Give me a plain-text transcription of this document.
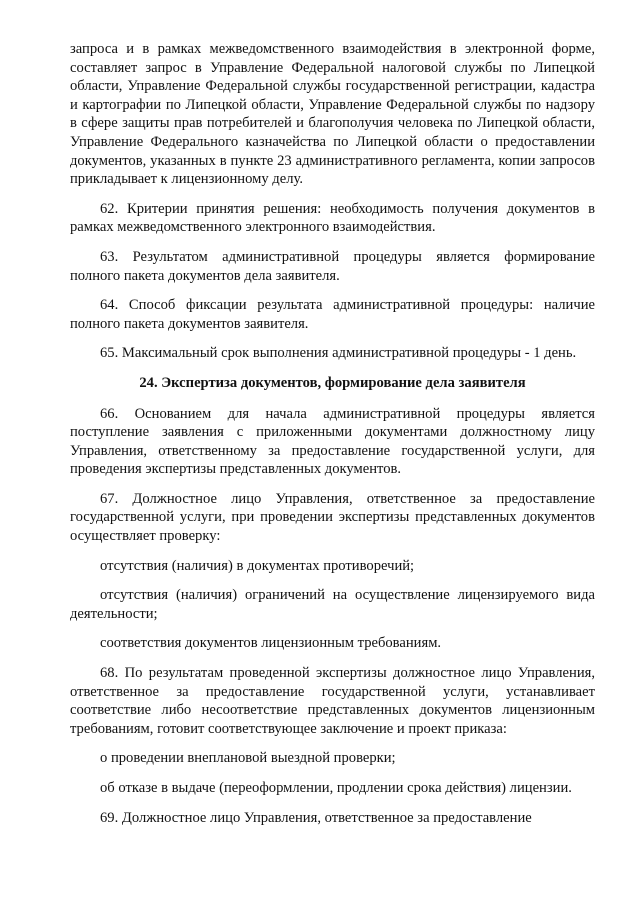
запроса и в рамках межведомственного взаимодействия в электронной форме, составляет запрос в Управление Федеральной налоговой службы по Липецкой области, Управление Федеральной службы государственной регистрации, кадастра и картографии по Липецкой области, Управление Федеральной службы по надзору в сфере защиты прав потребителей и благополучия человека по Липецкой области, Управление Федерального казначейства по Липецкой области о предоставлении документов, указанных в пункте 23 административного регламента, копии запросов прикладывает к лицензионному делу.

62. Критерии принятия решения: необходимость получения документов в рамках межведомственного электронного взаимодействия.

63. Результатом административной процедуры является формирование полного пакета документов дела заявителя.

64. Способ фиксации результата административной процедуры: наличие полного пакета документов заявителя.

65. Максимальный срок выполнения административной процедуры - 1 день.

24. Экспертиза документов, формирование дела заявителя

66. Основанием для начала административной процедуры является поступление заявления с приложенными документами должностному лицу Управления, ответственному за предоставление государственной услуги, для проведения экспертизы представленных документов.

67. Должностное лицо Управления, ответственное за предоставление государственной услуги, при проведении экспертизы представленных документов осуществляет проверку:

отсутствия (наличия) в документах противоречий;

отсутствия (наличия) ограничений на осуществление лицензируемого вида деятельности;

соответствия документов лицензионным требованиям.

68. По результатам проведенной экспертизы должностное лицо Управления, ответственное за предоставление государственной услуги, устанавливает соответствие либо несоответствие представленных документов лицензионным требованиям, готовит соответствующее заключение и проект приказа:

о проведении внеплановой выездной проверки;

об отказе в выдаче (переоформлении, продлении срока действия) лицензии.

69. Должностное лицо Управления, ответственное за предоставление
